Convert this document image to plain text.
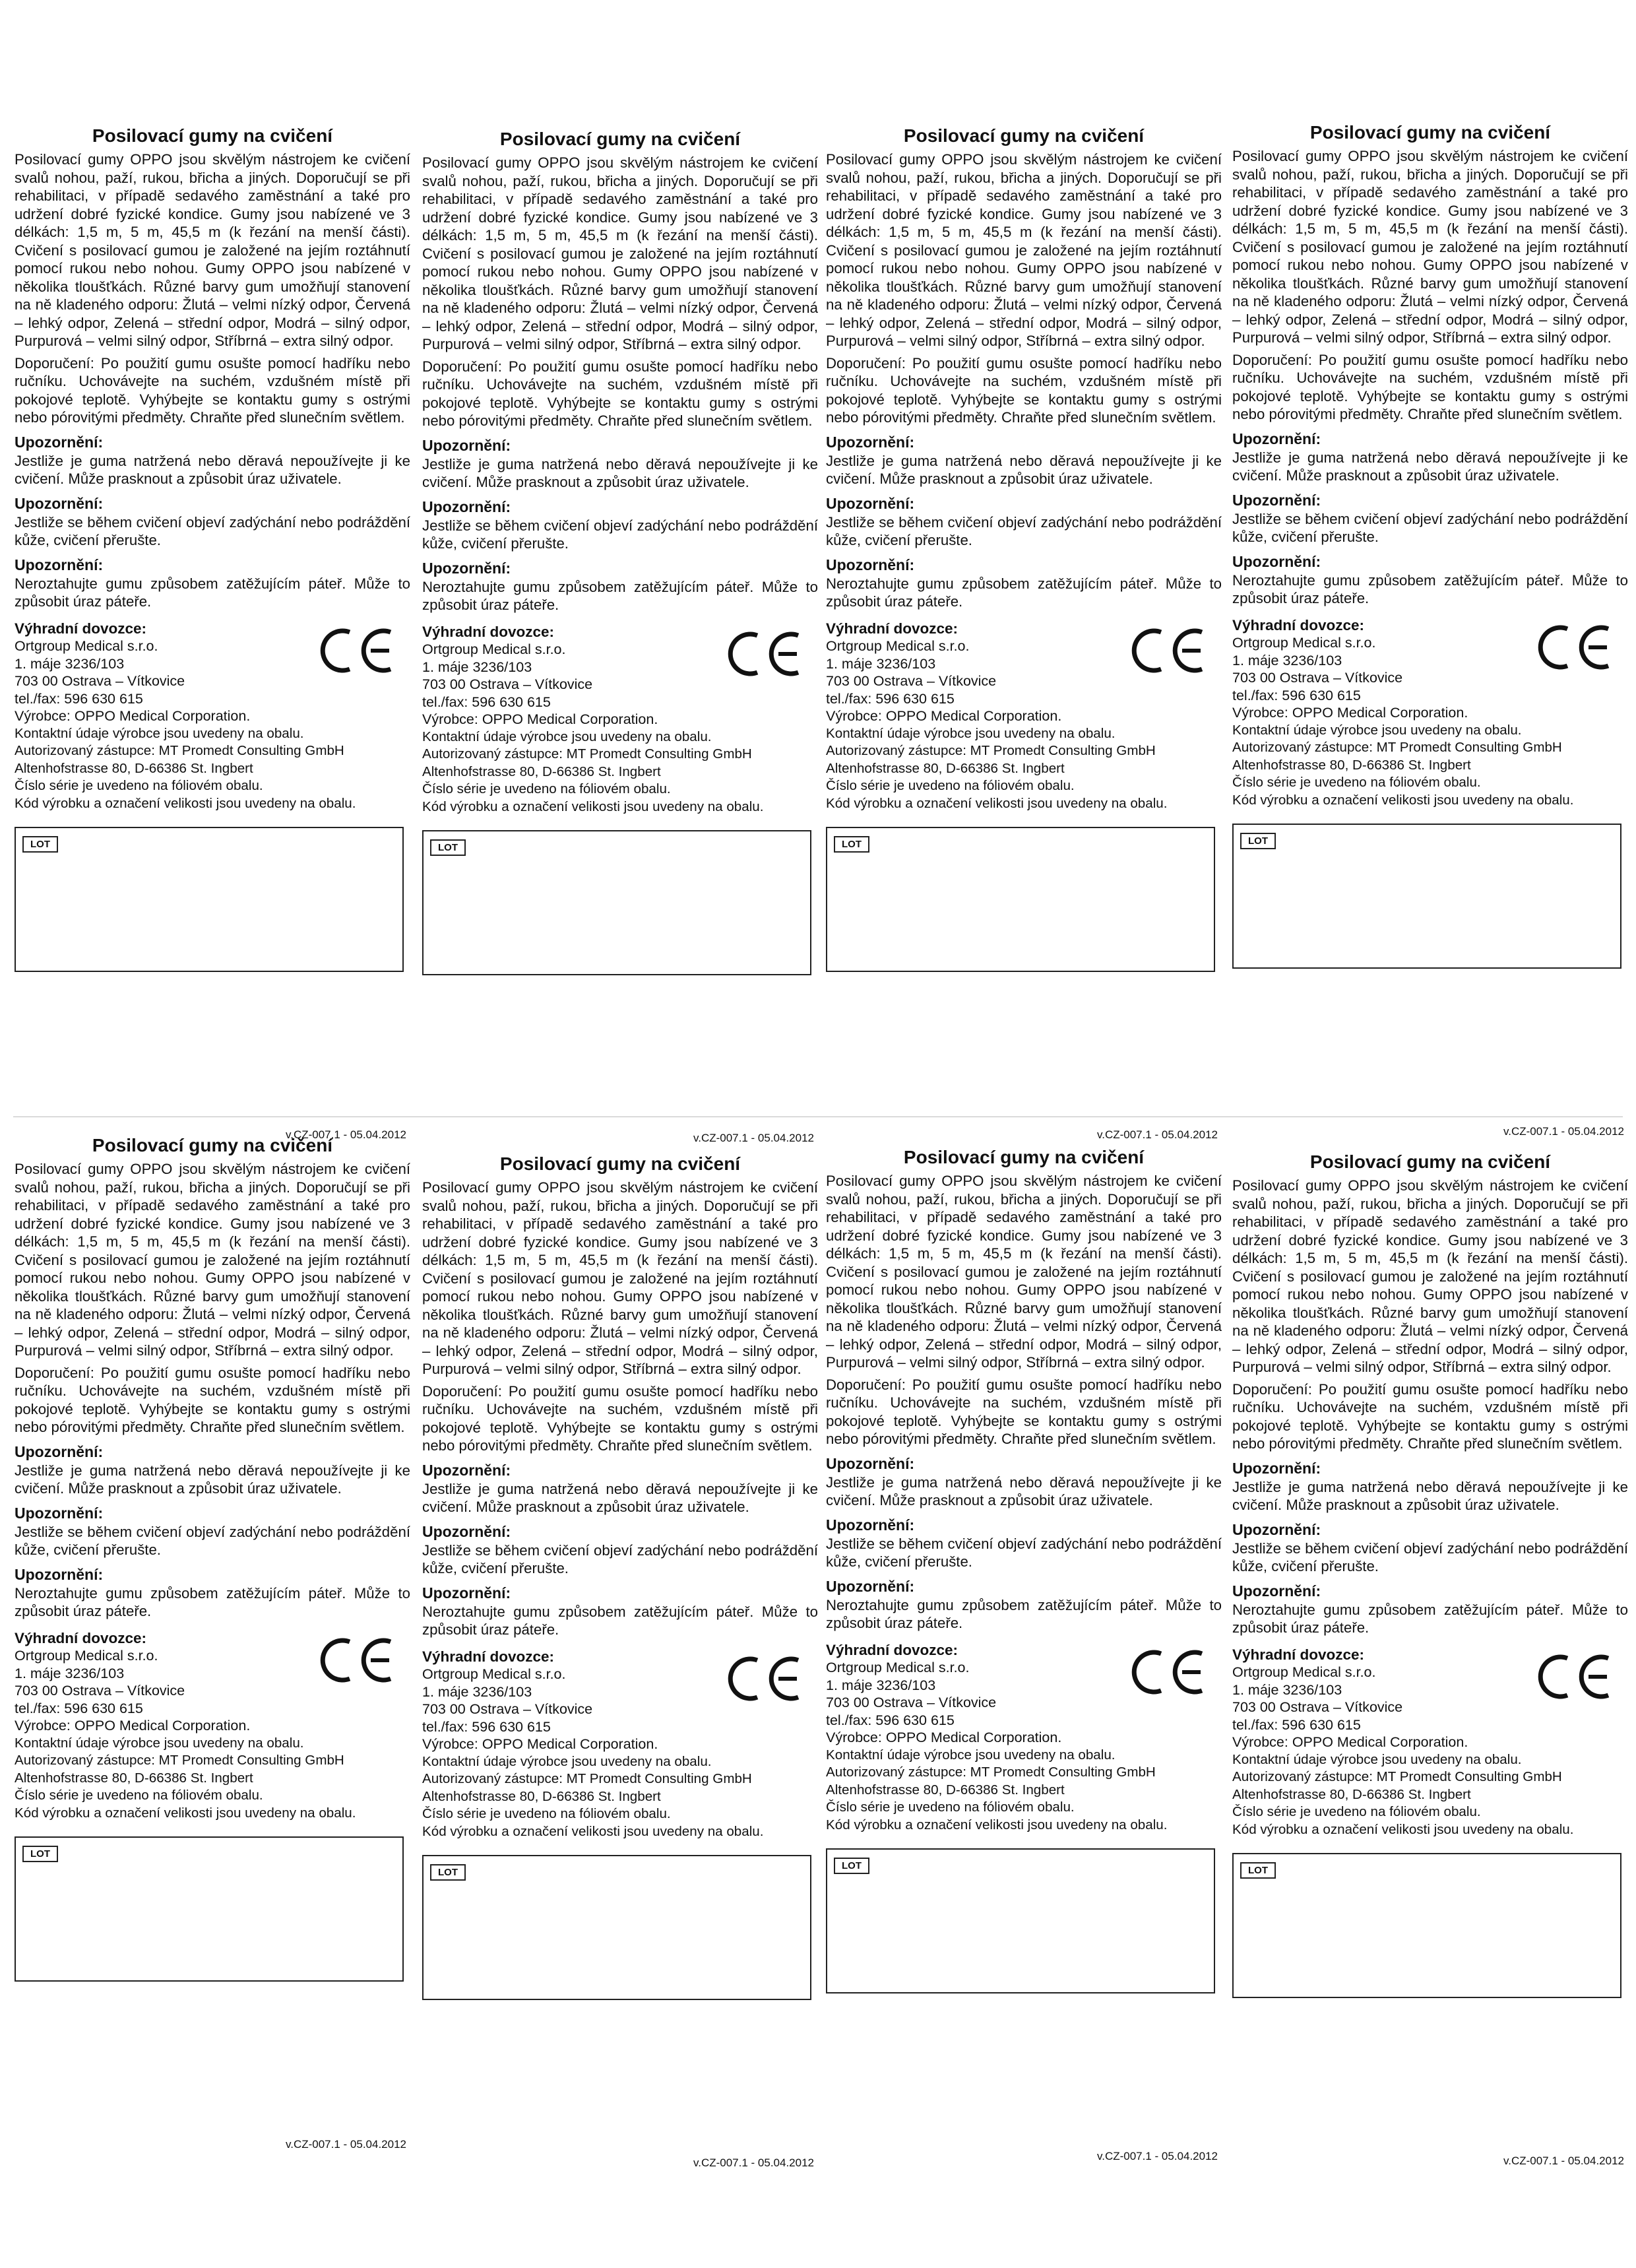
Posilovací gumy na cvičení

Posilovací gumy OPPO jsou skvělým nástrojem ke cvičení svalů nohou, paží, rukou, břicha a jiných. Doporučují se při rehabilitaci, v případě sedavého zaměstnání a také pro udržení dobré fyzické kondice. Gumy jsou nabízené ve 3 délkách: 1,5 m, 5 m, 45,5 m (k řezání na menší části). Cvičení s posilovací gumou je založené na jejím roztáhnutí pomocí rukou nebo nohou. Gumy OPPO jsou nabízené v několika tloušťkách. Různé barvy gum umožňují stanovení na ně kladeného odporu: Žlutá – velmi nízký odpor, Červená – lehký odpor, Zelená – střední odpor, Modrá – silný odpor, Purpurová – velmi silný odpor, Stříbrná – extra silný odpor.

Doporučení: Po použití gumu osušte pomocí hadříku nebo ručníku. Uchovávejte na suchém, vzdušném místě při pokojové teplotě. Vyhýbejte se kontaktu gumy s ostrými nebo pórovitými předměty. Chraňte před slunečním světlem.

Upozornění:

Jestliže je guma natržená nebo děravá nepoužívejte ji ke cvičení. Může prasknout a způsobit úraz uživatele.

Upozornění:

Jestliže se během cvičení objeví zadýchání nebo podráždění kůže, cvičení přerušte.

Upozornění:

Neroztahujte gumu způsobem zatěžujícím páteř. Může to způsobit úraz páteře.

Výhradní dovozce:
Ortgroup Medical s.r.o.
1. máje 3236/103
703 00 Ostrava – Vítkovice
tel./fax: 596 630 615
Výrobce: OPPO Medical Corporation.
Kontaktní údaje výrobce jsou uvedeny na obalu.
Autorizovaný zástupce: MT Promedt Consulting GmbH
Altenhofstrasse 80, D-66386 St. Ingbert
Číslo série je uvedeno na fóliovém obalu.
Kód výrobku a označení velikosti jsou uvedeny na obalu.
LOT
v.CZ-007.1 - 05.04.2012
Posilovací gumy na cvičení

Posilovací gumy OPPO jsou skvělým nástrojem ke cvičení svalů nohou, paží, rukou, břicha a jiných. Doporučují se při rehabilitaci, v případě sedavého zaměstnání a také pro udržení dobré fyzické kondice. Gumy jsou nabízené ve 3 délkách: 1,5 m, 5 m, 45,5 m (k řezání na menší části). Cvičení s posilovací gumou je založené na jejím roztáhnutí pomocí rukou nebo nohou. Gumy OPPO jsou nabízené v několika tloušťkách. Různé barvy gum umožňují stanovení na ně kladeného odporu: Žlutá – velmi nízký odpor, Červená – lehký odpor, Zelená – střední odpor, Modrá – silný odpor, Purpurová – velmi silný odpor, Stříbrná – extra silný odpor.

Doporučení: Po použití gumu osušte pomocí hadříku nebo ručníku. Uchovávejte na suchém, vzdušném místě při pokojové teplotě. Vyhýbejte se kontaktu gumy s ostrými nebo pórovitými předměty. Chraňte před slunečním světlem.

Upozornění:

Jestliže je guma natržená nebo děravá nepoužívejte ji ke cvičení. Může prasknout a způsobit úraz uživatele.

Upozornění:

Jestliže se během cvičení objeví zadýchání nebo podráždění kůže, cvičení přerušte.

Upozornění:

Neroztahujte gumu způsobem zatěžujícím páteř. Může to způsobit úraz páteře.

Výhradní dovozce:
Ortgroup Medical s.r.o.
1. máje 3236/103
703 00 Ostrava – Vítkovice
tel./fax: 596 630 615
Výrobce: OPPO Medical Corporation.
Kontaktní údaje výrobce jsou uvedeny na obalu.
Autorizovaný zástupce: MT Promedt Consulting GmbH
Altenhofstrasse 80, D-66386 St. Ingbert
Číslo série je uvedeno na fóliovém obalu.
Kód výrobku a označení velikosti jsou uvedeny na obalu.
LOT
v.CZ-007.1 - 05.04.2012
Posilovací gumy na cvičení

Posilovací gumy OPPO jsou skvělým nástrojem ke cvičení svalů nohou, paží, rukou, břicha a jiných. Doporučují se při rehabilitaci, v případě sedavého zaměstnání a také pro udržení dobré fyzické kondice. Gumy jsou nabízené ve 3 délkách: 1,5 m, 5 m, 45,5 m (k řezání na menší části). Cvičení s posilovací gumou je založené na jejím roztáhnutí pomocí rukou nebo nohou. Gumy OPPO jsou nabízené v několika tloušťkách. Různé barvy gum umožňují stanovení na ně kladeného odporu: Žlutá – velmi nízký odpor, Červená – lehký odpor, Zelená – střední odpor, Modrá – silný odpor, Purpurová – velmi silný odpor, Stříbrná – extra silný odpor.

Doporučení: Po použití gumu osušte pomocí hadříku nebo ručníku. Uchovávejte na suchém, vzdušném místě při pokojové teplotě. Vyhýbejte se kontaktu gumy s ostrými nebo pórovitými předměty. Chraňte před slunečním světlem.

Upozornění:

Jestliže je guma natržená nebo děravá nepoužívejte ji ke cvičení. Může prasknout a způsobit úraz uživatele.

Upozornění:

Jestliže se během cvičení objeví zadýchání nebo podráždění kůže, cvičení přerušte.

Upozornění:

Neroztahujte gumu způsobem zatěžujícím páteř. Může to způsobit úraz páteře.

Výhradní dovozce:
Ortgroup Medical s.r.o.
1. máje 3236/103
703 00 Ostrava – Vítkovice
tel./fax: 596 630 615
Výrobce: OPPO Medical Corporation.
Kontaktní údaje výrobce jsou uvedeny na obalu.
Autorizovaný zástupce: MT Promedt Consulting GmbH
Altenhofstrasse 80, D-66386 St. Ingbert
Číslo série je uvedeno na fóliovém obalu.
Kód výrobku a označení velikosti jsou uvedeny na obalu.
LOT
v.CZ-007.1 - 05.04.2012
Posilovací gumy na cvičení

Posilovací gumy OPPO jsou skvělým nástrojem ke cvičení svalů nohou, paží, rukou, břicha a jiných. Doporučují se při rehabilitaci, v případě sedavého zaměstnání a také pro udržení dobré fyzické kondice. Gumy jsou nabízené ve 3 délkách: 1,5 m, 5 m, 45,5 m (k řezání na menší části). Cvičení s posilovací gumou je založené na jejím roztáhnutí pomocí rukou nebo nohou. Gumy OPPO jsou nabízené v několika tloušťkách. Různé barvy gum umožňují stanovení na ně kladeného odporu: Žlutá – velmi nízký odpor, Červená – lehký odpor, Zelená – střední odpor, Modrá – silný odpor, Purpurová – velmi silný odpor, Stříbrná – extra silný odpor.

Doporučení: Po použití gumu osušte pomocí hadříku nebo ručníku. Uchovávejte na suchém, vzdušném místě při pokojové teplotě. Vyhýbejte se kontaktu gumy s ostrými nebo pórovitými předměty. Chraňte před slunečním světlem.

Upozornění:

Jestliže je guma natržená nebo děravá nepoužívejte ji ke cvičení. Může prasknout a způsobit úraz uživatele.

Upozornění:

Jestliže se během cvičení objeví zadýchání nebo podráždění kůže, cvičení přerušte.

Upozornění:

Neroztahujte gumu způsobem zatěžujícím páteř. Může to způsobit úraz páteře.

Výhradní dovozce:
Ortgroup Medical s.r.o.
1. máje 3236/103
703 00 Ostrava – Vítkovice
tel./fax: 596 630 615
Výrobce: OPPO Medical Corporation.
Kontaktní údaje výrobce jsou uvedeny na obalu.
Autorizovaný zástupce: MT Promedt Consulting GmbH
Altenhofstrasse 80, D-66386 St. Ingbert
Číslo série je uvedeno na fóliovém obalu.
Kód výrobku a označení velikosti jsou uvedeny na obalu.
LOT
v.CZ-007.1 - 05.04.2012
Posilovací gumy na cvičení

Posilovací gumy OPPO jsou skvělým nástrojem ke cvičení svalů nohou, paží, rukou, břicha a jiných. Doporučují se při rehabilitaci, v případě sedavého zaměstnání a také pro udržení dobré fyzické kondice. Gumy jsou nabízené ve 3 délkách: 1,5 m, 5 m, 45,5 m (k řezání na menší části). Cvičení s posilovací gumou je založené na jejím roztáhnutí pomocí rukou nebo nohou. Gumy OPPO jsou nabízené v několika tloušťkách. Různé barvy gum umožňují stanovení na ně kladeného odporu: Žlutá – velmi nízký odpor, Červená – lehký odpor, Zelená – střední odpor, Modrá – silný odpor, Purpurová – velmi silný odpor, Stříbrná – extra silný odpor.

Doporučení: Po použití gumu osušte pomocí hadříku nebo ručníku. Uchovávejte na suchém, vzdušném místě při pokojové teplotě. Vyhýbejte se kontaktu gumy s ostrými nebo pórovitými předměty. Chraňte před slunečním světlem.

Upozornění:

Jestliže je guma natržená nebo děravá nepoužívejte ji ke cvičení. Může prasknout a způsobit úraz uživatele.

Upozornění:

Jestliže se během cvičení objeví zadýchání nebo podráždění kůže, cvičení přerušte.

Upozornění:

Neroztahujte gumu způsobem zatěžujícím páteř. Může to způsobit úraz páteře.

Výhradní dovozce:
Ortgroup Medical s.r.o.
1. máje 3236/103
703 00 Ostrava – Vítkovice
tel./fax: 596 630 615
Výrobce: OPPO Medical Corporation.
Kontaktní údaje výrobce jsou uvedeny na obalu.
Autorizovaný zástupce: MT Promedt Consulting GmbH
Altenhofstrasse 80, D-66386 St. Ingbert
Číslo série je uvedeno na fóliovém obalu.
Kód výrobku a označení velikosti jsou uvedeny na obalu.
LOT
v.CZ-007.1 - 05.04.2012
Posilovací gumy na cvičení

Posilovací gumy OPPO jsou skvělým nástrojem ke cvičení svalů nohou, paží, rukou, břicha a jiných. Doporučují se při rehabilitaci, v případě sedavého zaměstnání a také pro udržení dobré fyzické kondice. Gumy jsou nabízené ve 3 délkách: 1,5 m, 5 m, 45,5 m (k řezání na menší části). Cvičení s posilovací gumou je založené na jejím roztáhnutí pomocí rukou nebo nohou. Gumy OPPO jsou nabízené v několika tloušťkách. Různé barvy gum umožňují stanovení na ně kladeného odporu: Žlutá – velmi nízký odpor, Červená – lehký odpor, Zelená – střední odpor, Modrá – silný odpor, Purpurová – velmi silný odpor, Stříbrná – extra silný odpor.

Doporučení: Po použití gumu osušte pomocí hadříku nebo ručníku. Uchovávejte na suchém, vzdušném místě při pokojové teplotě. Vyhýbejte se kontaktu gumy s ostrými nebo pórovitými předměty. Chraňte před slunečním světlem.

Upozornění:

Jestliže je guma natržená nebo děravá nepoužívejte ji ke cvičení. Může prasknout a způsobit úraz uživatele.

Upozornění:

Jestliže se během cvičení objeví zadýchání nebo podráždění kůže, cvičení přerušte.

Upozornění:

Neroztahujte gumu způsobem zatěžujícím páteř. Může to způsobit úraz páteře.

Výhradní dovozce:
Ortgroup Medical s.r.o.
1. máje 3236/103
703 00 Ostrava – Vítkovice
tel./fax: 596 630 615
Výrobce: OPPO Medical Corporation.
Kontaktní údaje výrobce jsou uvedeny na obalu.
Autorizovaný zástupce: MT Promedt Consulting GmbH
Altenhofstrasse 80, D-66386 St. Ingbert
Číslo série je uvedeno na fóliovém obalu.
Kód výrobku a označení velikosti jsou uvedeny na obalu.
LOT
v.CZ-007.1 - 05.04.2012
Posilovací gumy na cvičení

Posilovací gumy OPPO jsou skvělým nástrojem ke cvičení svalů nohou, paží, rukou, břicha a jiných. Doporučují se při rehabilitaci, v případě sedavého zaměstnání a také pro udržení dobré fyzické kondice. Gumy jsou nabízené ve 3 délkách: 1,5 m, 5 m, 45,5 m (k řezání na menší části). Cvičení s posilovací gumou je založené na jejím roztáhnutí pomocí rukou nebo nohou. Gumy OPPO jsou nabízené v několika tloušťkách. Různé barvy gum umožňují stanovení na ně kladeného odporu: Žlutá – velmi nízký odpor, Červená – lehký odpor, Zelená – střední odpor, Modrá – silný odpor, Purpurová – velmi silný odpor, Stříbrná – extra silný odpor.

Doporučení: Po použití gumu osušte pomocí hadříku nebo ručníku. Uchovávejte na suchém, vzdušném místě při pokojové teplotě. Vyhýbejte se kontaktu gumy s ostrými nebo pórovitými předměty. Chraňte před slunečním světlem.

Upozornění:

Jestliže je guma natržená nebo děravá nepoužívejte ji ke cvičení. Může prasknout a způsobit úraz uživatele.

Upozornění:

Jestliže se během cvičení objeví zadýchání nebo podráždění kůže, cvičení přerušte.

Upozornění:

Neroztahujte gumu způsobem zatěžujícím páteř. Může to způsobit úraz páteře.

Výhradní dovozce:
Ortgroup Medical s.r.o.
1. máje 3236/103
703 00 Ostrava – Vítkovice
tel./fax: 596 630 615
Výrobce: OPPO Medical Corporation.
Kontaktní údaje výrobce jsou uvedeny na obalu.
Autorizovaný zástupce: MT Promedt Consulting GmbH
Altenhofstrasse 80, D-66386 St. Ingbert
Číslo série je uvedeno na fóliovém obalu.
Kód výrobku a označení velikosti jsou uvedeny na obalu.
LOT
v.CZ-007.1 - 05.04.2012
Posilovací gumy na cvičení

Posilovací gumy OPPO jsou skvělým nástrojem ke cvičení svalů nohou, paží, rukou, břicha a jiných. Doporučují se při rehabilitaci, v případě sedavého zaměstnání a také pro udržení dobré fyzické kondice. Gumy jsou nabízené ve 3 délkách: 1,5 m, 5 m, 45,5 m (k řezání na menší části). Cvičení s posilovací gumou je založené na jejím roztáhnutí pomocí rukou nebo nohou. Gumy OPPO jsou nabízené v několika tloušťkách. Různé barvy gum umožňují stanovení na ně kladeného odporu: Žlutá – velmi nízký odpor, Červená – lehký odpor, Zelená – střední odpor, Modrá – silný odpor, Purpurová – velmi silný odpor, Stříbrná – extra silný odpor.

Doporučení: Po použití gumu osušte pomocí hadříku nebo ručníku. Uchovávejte na suchém, vzdušném místě při pokojové teplotě. Vyhýbejte se kontaktu gumy s ostrými nebo pórovitými předměty. Chraňte před slunečním světlem.

Upozornění:

Jestliže je guma natržená nebo děravá nepoužívejte ji ke cvičení. Může prasknout a způsobit úraz uživatele.

Upozornění:

Jestliže se během cvičení objeví zadýchání nebo podráždění kůže, cvičení přerušte.

Upozornění:

Neroztahujte gumu způsobem zatěžujícím páteř. Může to způsobit úraz páteře.

Výhradní dovozce:
Ortgroup Medical s.r.o.
1. máje 3236/103
703 00 Ostrava – Vítkovice
tel./fax: 596 630 615
Výrobce: OPPO Medical Corporation.
Kontaktní údaje výrobce jsou uvedeny na obalu.
Autorizovaný zástupce: MT Promedt Consulting GmbH
Altenhofstrasse 80, D-66386 St. Ingbert
Číslo série je uvedeno na fóliovém obalu.
Kód výrobku a označení velikosti jsou uvedeny na obalu.
LOT
v.CZ-007.1 - 05.04.2012
